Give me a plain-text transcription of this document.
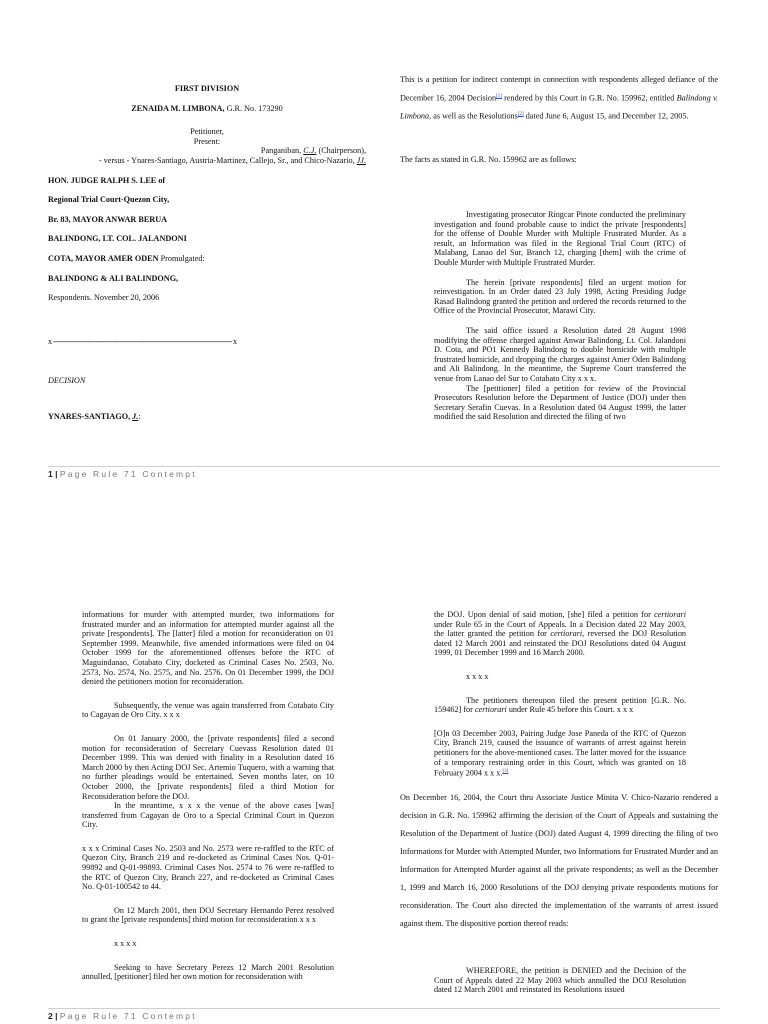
FIRST DIVISION

ZENAIDA M. LIMBONA, G.R. No. 173290

Petitioner,

Present:

Panganiban, C.J. (Chairperson),

- versus - Ynares-Santiago, Austria-Martinez, Callejo, Sr., and Chico-Nazario, JJ.

HON. JUDGE RALPH S. LEE of

Regional Trial Court-Quezon City,

Br. 83, MAYOR ANWAR BERUA

BALINDONG, LT. COL. JALANDONI

COTA, MAYOR AMER ODEN Promulgated:

BALINDONG & ALI BALINDONG,

Respondents. November 20, 2006

x ------------------------------------------------------------------------------------ x

DECISION

YNARES-SANTIAGO, J.:

This is a petition for indirect contempt in connection with respondents alleged defiance of the December 16, 2004 Decision[1] rendered by this Court in G.R. No. 159962, entitled Balindong v. Limbona, as well as the Resolutions[2] dated June 6, August 15, and December 12, 2005.

The facts as stated in G.R. No. 159962 are as follows:

Investigating prosecutor Ringcar Pinote conducted the preliminary investigation and found probable cause to indict the private [respondents] for the offense of Double Murder with Multiple Frustrated Murder. As a result, an Information was filed in the Regional Trial Court (RTC) of Malabang, Lanao del Sur, Branch 12, charging [them] with the crime of Double Murder with Multiple Frustrated Murder.

The herein [private respondents] filed an urgent motion for reinvestigation. In an Order dated 23 July 1998, Acting Presiding Judge Rasad Balindong granted the petition and ordered the records returned to the Office of the Provincial Prosecutor, Marawi City.

The said office issued a Resolution dated 28 August 1998 modifying the offense charged against Anwar Balindong, Lt. Col. Jalandoni D. Cota, and PO1 Kennedy Balindong to double homicide with multiple frustrated homicide, and dropping the charges against Amer Oden Balindong and Ali Balindong. In the meantime, the Supreme Court transferred the venue from Lanao del Sur to Cotabato City x x x.

The [petitioner] filed a petition for review of the Provincial Prosecutors Resolution before the Department of Justice (DOJ) under then Secretary Serafin Cuevas. In a Resolution dated 04 August 1999, the latter modified the said Resolution and directed the filing of two

1 | Page Rule 71 Contempt

informations for murder with attempted murder, two informations for frustrated murder and an information for attempted murder against all the private [respondents]. The [latter] filed a motion for reconsideration on 01 September 1999. Meanwhile, five amended informations were filed on 04 October 1999 for the aforementioned offenses before the RTC of Maguindanao, Cotabato City, docketed as Criminal Cases No. 2503, No. 2573, No. 2574, No. 2575, and No. 2576. On 01 December 1999, the DOJ denied the petitioners motion for reconsideration.

Subsequently, the venue was again transferred from Cotabato City to Cagayan de Oro City. x x x

On 01 January 2000, the [private respondents] filed a second motion for reconsideration of Secretary Cuevass Resolution dated 01 December 1999. This was denied with finality in a Resolution dated 16 March 2000 by then Acting DOJ Sec. Artemio Tuquero, with a warning that no further pleadings would be entertained. Seven months later, on 10 October 2000, the [private respondents] filed a third Motion for Reconsideration before the DOJ.

In the meantime, x x x the venue of the above cases [was] transferred from Cagayan de Oro to a Special Criminal Court in Quezon City.

x x x Criminal Cases No. 2503 and No. 2573 were re-raffled to the RTC of Quezon City, Branch 219 and re-docketed as Criminal Cases Nos. Q-01-99892 and Q-01-99893. Criminal Cases Nos. 2574 to 76 were re-raffled to the RTC of Quezon City, Branch 227, and re-docketed as Criminal Cases No. Q-01-100542 to 44.

On 12 March 2001, then DOJ Secretary Hernando Perez resolved to grant the [private respondents] third motion for reconsideration x x x

x x x x

Seeking to have Secretary Perezs 12 March 2001 Resolution annulled, [petitioner] filed her own motion for reconsideration with

the DOJ. Upon denial of said motion, [she] filed a petition for certiorari under Rule 65 in the Court of Appeals. In a Decision dated 22 May 2003, the latter granted the petition for certiorari, reversed the DOJ Resolution dated 12 March 2001 and reinstated the DOJ Resolutions dated 04 August 1999, 01 December 1999 and 16 March 2000.

x x x x

The petitioners thereupon filed the present petition [G.R. No. 159462] for certiorari under Rule 45 before this Court. x x x

[O]n 03 December 2003, Pairing Judge Jose Paneda of the RTC of Quezon City, Branch 219, caused the issuance of warrants of arrest against herein petitioners for the above-mentioned cases. The latter moved for the issuance of a temporary restraining order in this Court, which was granted on 18 February 2004 x x x.[3]

On December 16, 2004, the Court thru Associate Justice Minita V. Chico-Nazario rendered a decision in G.R. No. 159962 affirming the decision of the Court of Appeals and sustaining the Resolution of the Department of Justice (DOJ) dated August 4, 1999 directing the filing of two Informations for Murder with Attempted Murder, two Informations for Frustrated Murder and an Information for Attempted Murder against all the private respondents; as well as the December 1, 1999 and March 16, 2000 Resolutions of the DOJ denying private respondents motions for reconsideration. The Court also directed the implementation of the warrants of arrest issued against them. The dispositive portion thereof reads:

WHEREFORE, the petition is DENIED and the Decision of the Court of Appeals dated 22 May 2003 which annulled the DOJ Resolution dated 12 March 2001 and reinstated its Resolutions issued

2 | Page Rule 71 Contempt
